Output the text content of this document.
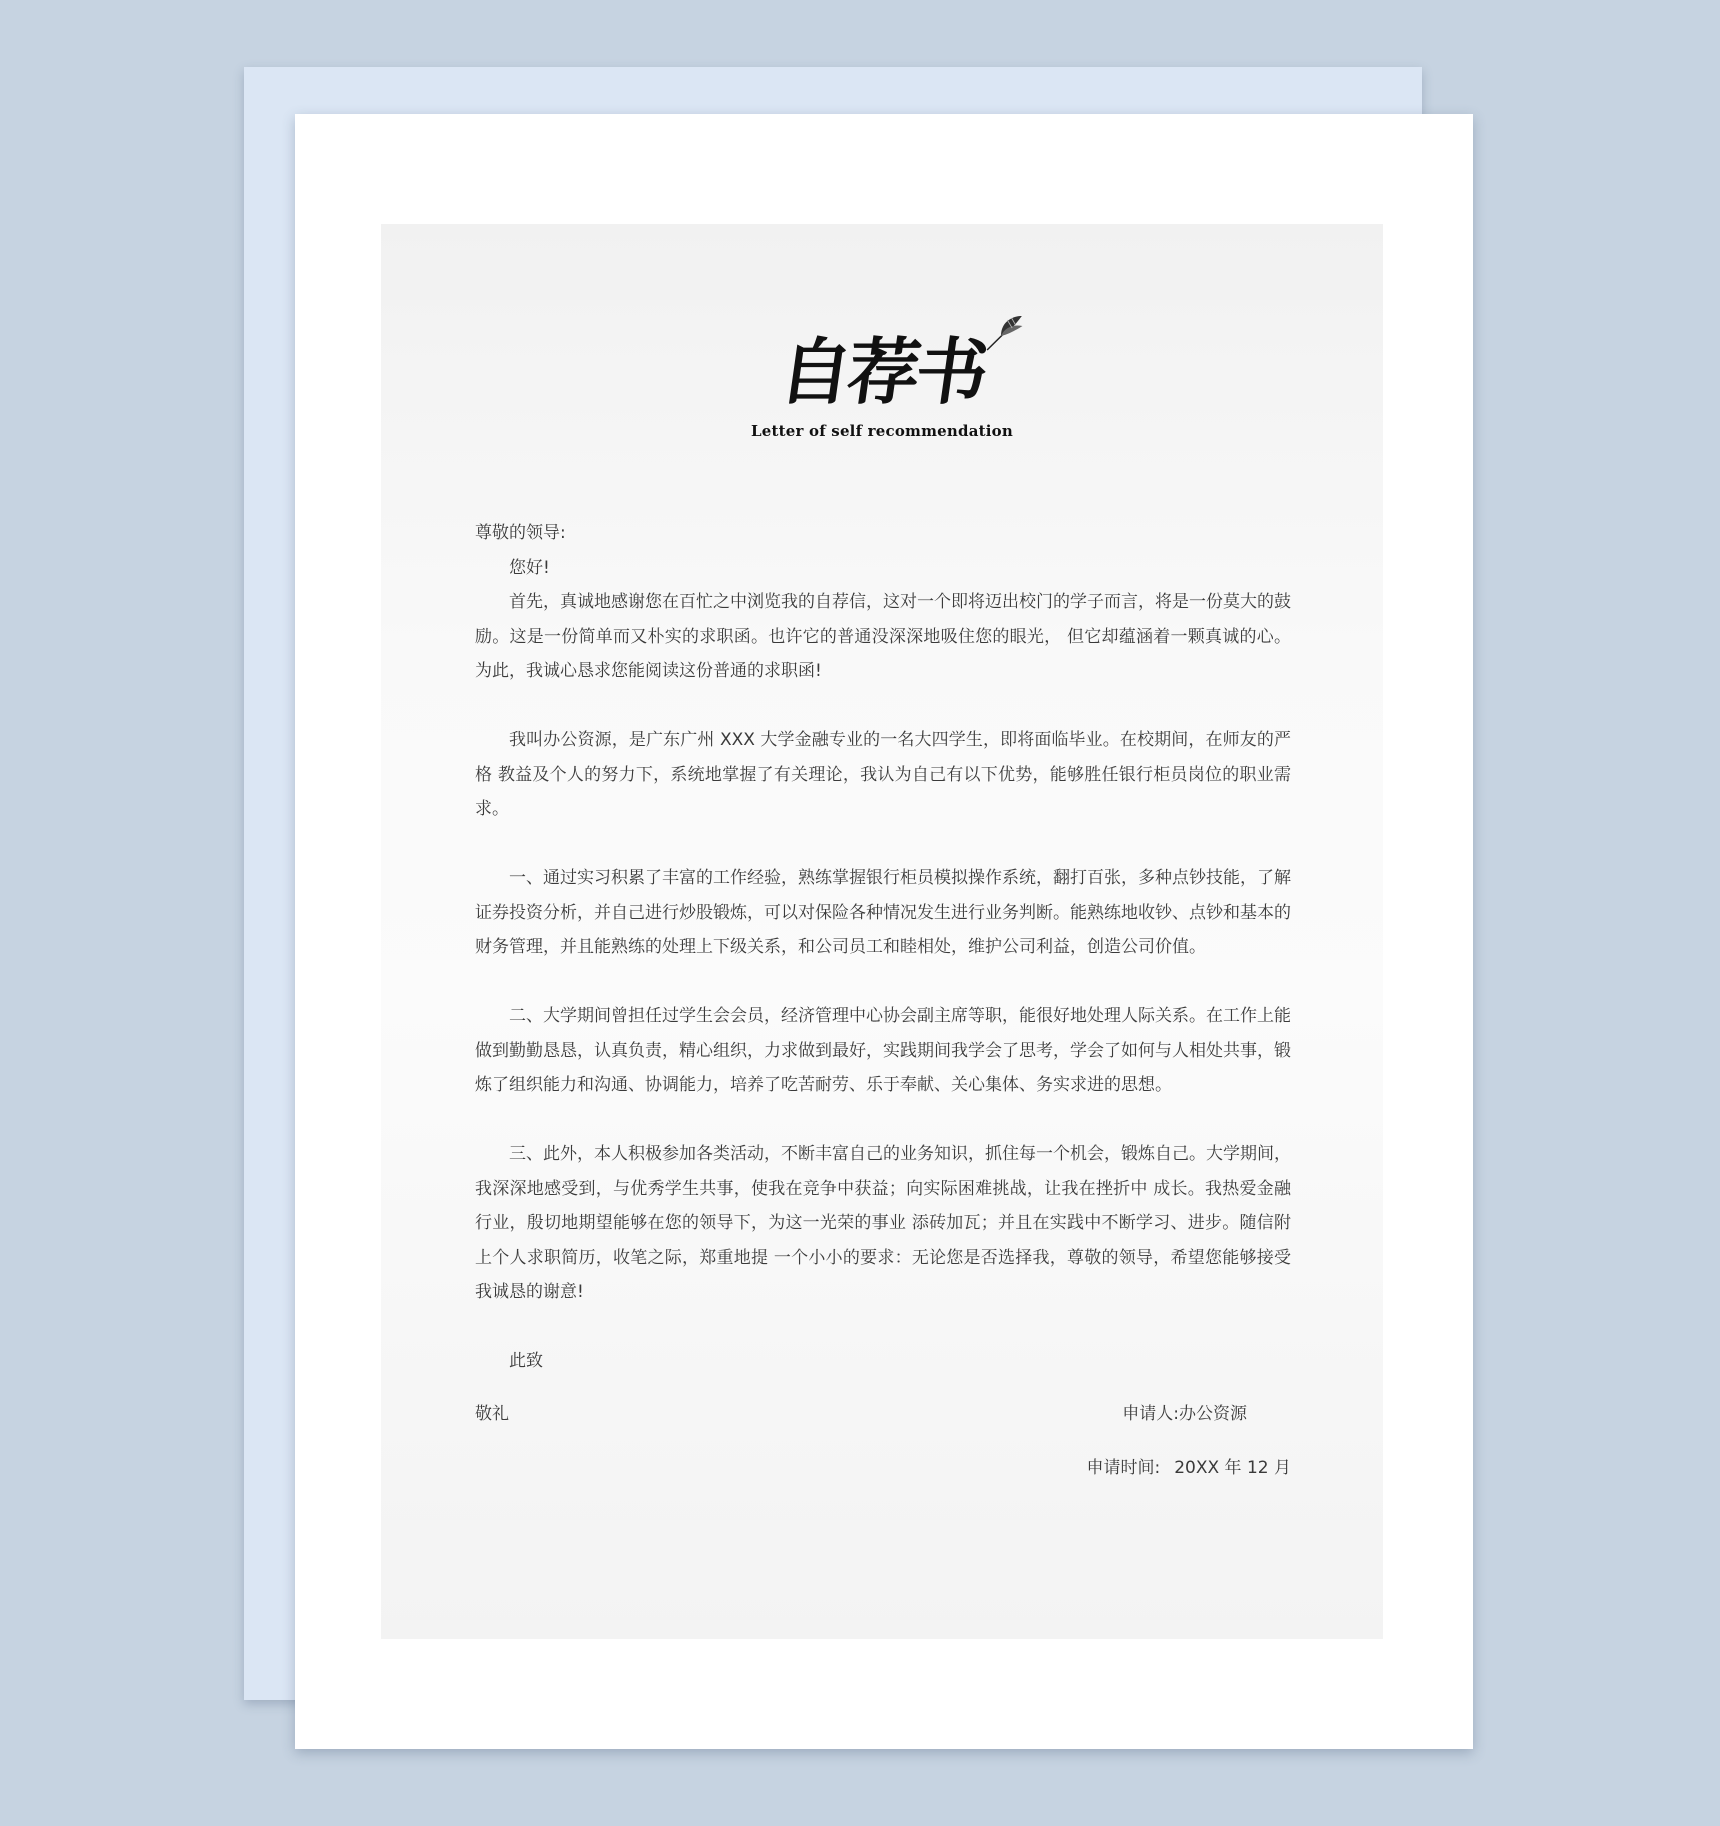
自荐书
Letter of self recommendation

尊敬的领导:

您好!

首先，真诚地感谢您在百忙之中浏览我的自荐信，这对一个即将迈出校门的学子而言，将是一份莫大的鼓励。这是一份简单而又朴实的求职函。也许它的普通没深深地吸住您的眼光， 但它却蕴涵着一颗真诚的心。为此，我诚心恳求您能阅读这份普通的求职函!

我叫办公资源，是广东广州 XXX 大学金融专业的一名大四学生，即将面临毕业。在校期间，在师友的严格 教益及个人的努力下，系统地掌握了有关理论，我认为自己有以下优势，能够胜任银行柜员岗位的职业需求。

一、通过实习积累了丰富的工作经验，熟练掌握银行柜员模拟操作系统，翻打百张，多种点钞技能，了解证券投资分析，并自己进行炒股锻炼，可以对保险各种情况发生进行业务判断。能熟练地收钞、点钞和基本的财务管理，并且能熟练的处理上下级关系，和公司员工和睦相处，维护公司利益，创造公司价值。

二、大学期间曾担任过学生会会员，经济管理中心协会副主席等职，能很好地处理人际关系。在工作上能做到勤勤恳恳，认真负责，精心组织，力求做到最好，实践期间我学会了思考，学会了如何与人相处共事，锻炼了组织能力和沟通、协调能力，培养了吃苦耐劳、乐于奉献、关心集体、务实求进的思想。

三、此外，本人积极参加各类活动，不断丰富自己的业务知识，抓住每一个机会，锻炼自己。大学期间，我深深地感受到，与优秀学生共事，使我在竞争中获益；向实际困难挑战，让我在挫折中 成长。我热爱金融行业，殷切地期望能够在您的领导下，为这一光荣的事业 添砖加瓦；并且在实践中不断学习、进步。随信附上个人求职简历，收笔之际，郑重地提 一个小小的要求：无论您是否选择我，尊敬的领导，希望您能够接受我诚恳的谢意!

此致

敬礼	申请人:办公资源
申请时间: 20XX 年 12 月
